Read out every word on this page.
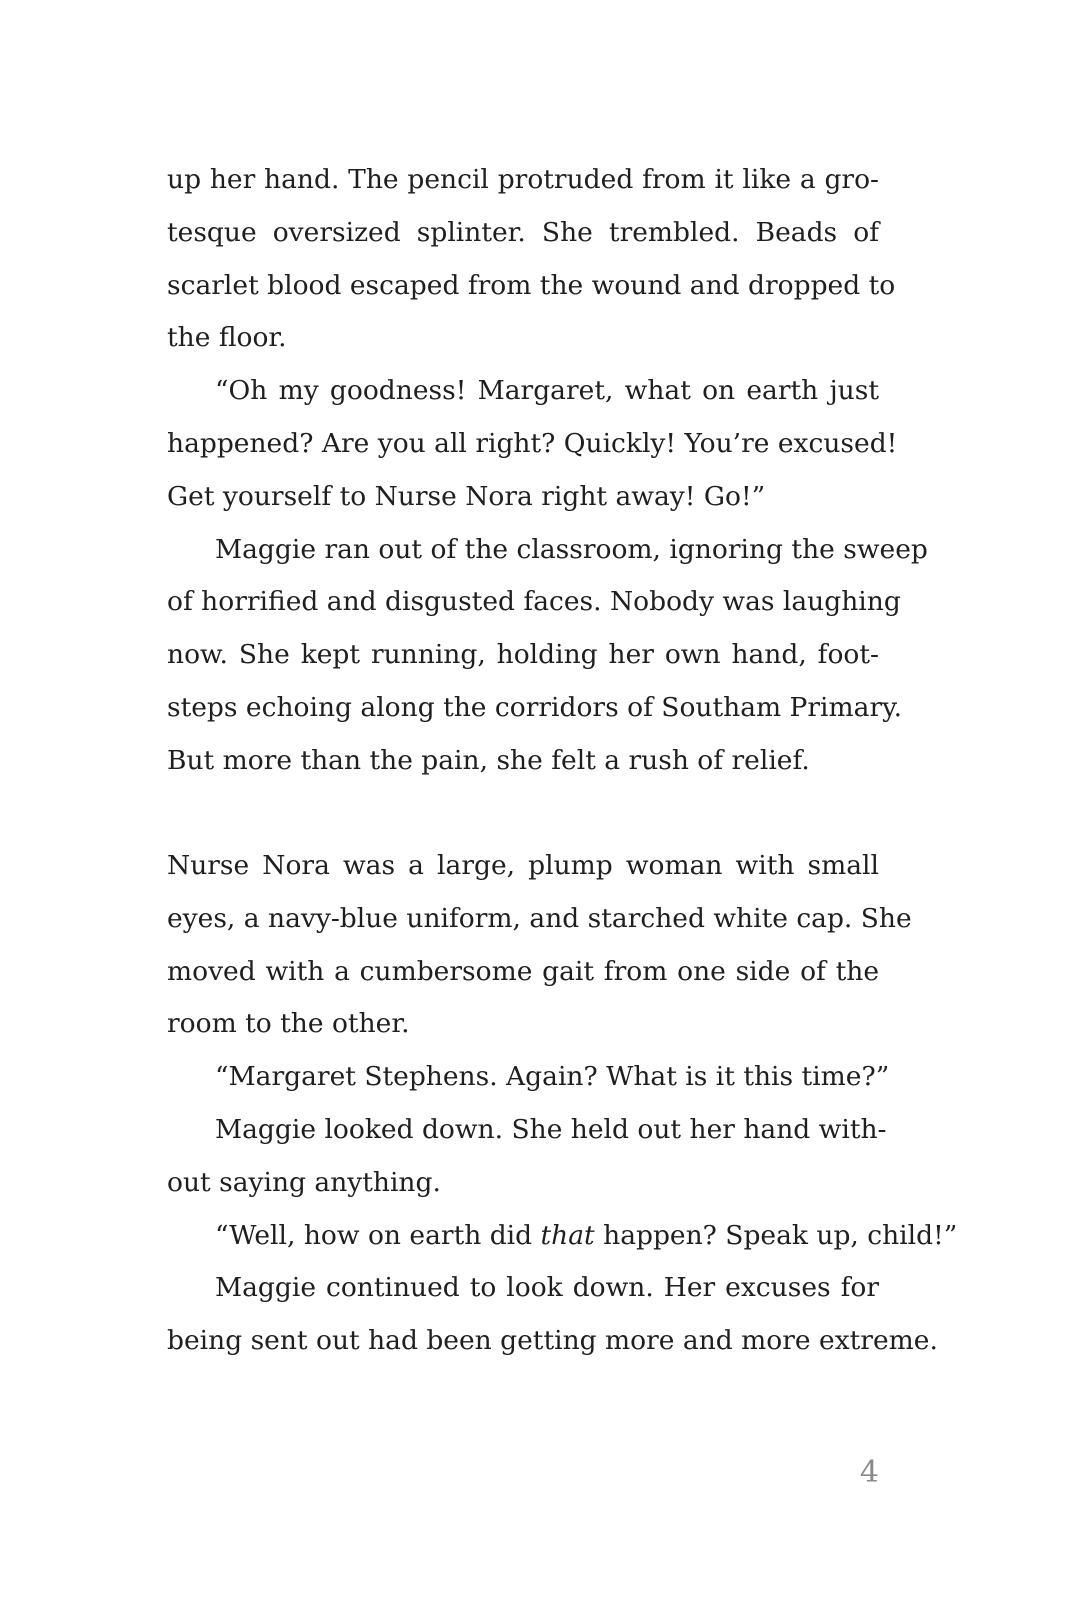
up her hand. The pencil protruded from it like a gro-
tesque oversized splinter. She trembled. Beads of
scarlet blood escaped from the wound and dropped to
the floor.
“Oh my goodness! Margaret, what on earth just
happened? Are you all right? Quickly! You’re excused!
Get yourself to Nurse Nora right away! Go!”
Maggie ran out of the classroom, ignoring the sweep
of horrified and disgusted faces. Nobody was laughing
now. She kept running, holding her own hand, foot-
steps echoing along the corridors of Southam Primary.
But more than the pain, she felt a rush of relief.
Nurse Nora was a large, plump woman with small
eyes, a navy-blue uniform, and starched white cap. She
moved with a cumbersome gait from one side of the
room to the other.
“Margaret Stephens. Again? What is it this time?”
Maggie looked down. She held out her hand with-
out saying anything.
“Well, how on earth did that happen? Speak up, child!”
Maggie continued to look down. Her excuses for
being sent out had been getting more and more extreme.
4
